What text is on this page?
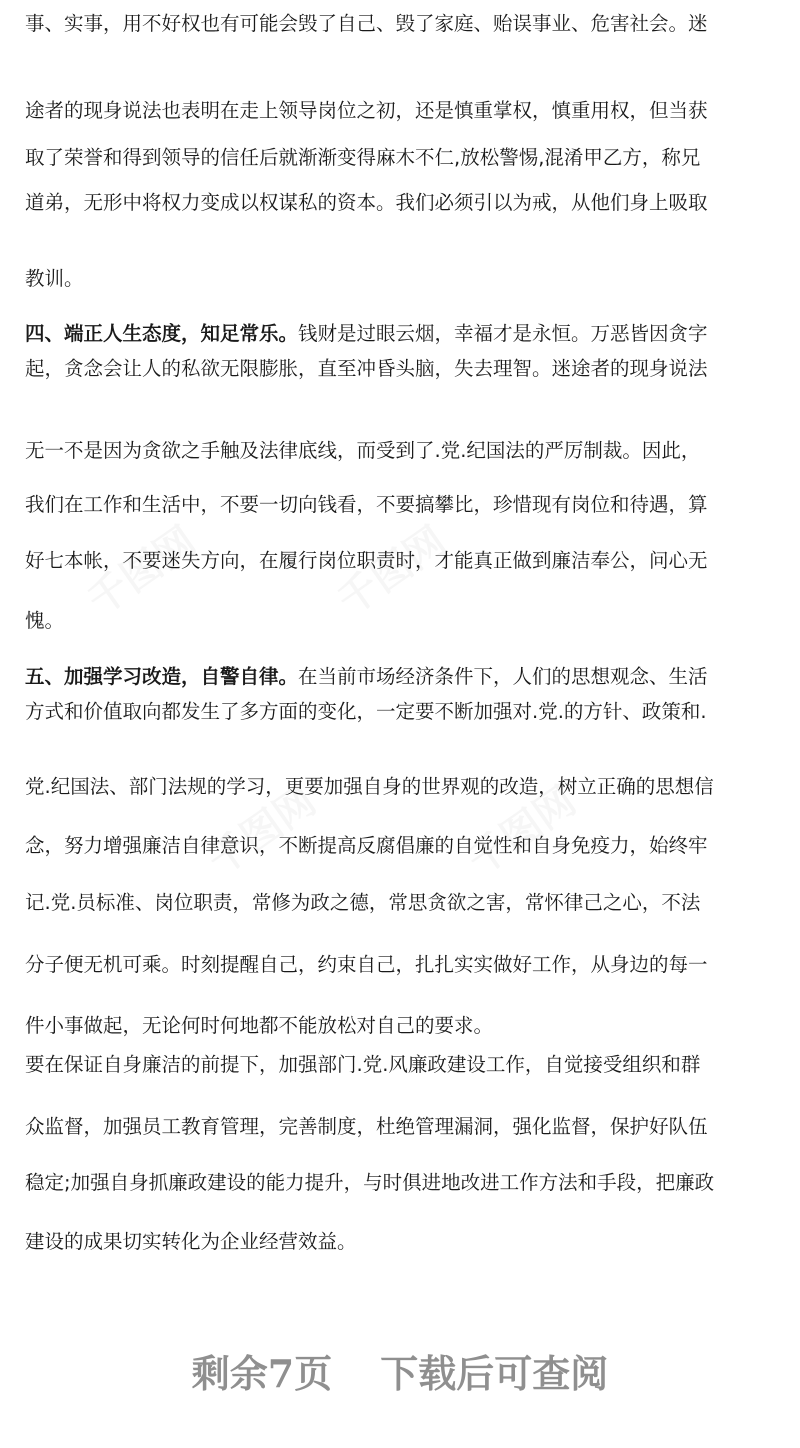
事、实事，用不好权也有可能会毁了自己、毁了家庭、贻误事业、危害社会。迷
途者的现身说法也表明在走上领导岗位之初，还是慎重掌权，慎重用权，但当获
取了荣誉和得到领导的信任后就渐渐变得麻木不仁,放松警惕,混淆甲乙方，称兄
道弟，无形中将权力变成以权谋私的资本。我们必须引以为戒，从他们身上吸取
教训。
四、端正人生态度，知足常乐。钱财是过眼云烟，幸福才是永恒。万恶皆因贪字
起，贪念会让人的私欲无限膨胀，直至冲昏头脑，失去理智。迷途者的现身说法
无一不是因为贪欲之手触及法律底线，而受到了.党.纪国法的严厉制裁。因此，
我们在工作和生活中，不要一切向钱看，不要搞攀比，珍惜现有岗位和待遇，算
好七本帐，不要迷失方向，在履行岗位职责时，才能真正做到廉洁奉公，问心无
愧。
五、加强学习改造，自警自律。在当前市场经济条件下，人们的思想观念、生活
方式和价值取向都发生了多方面的变化，一定要不断加强对.党.的方针、政策和.
党.纪国法、部门法规的学习，更要加强自身的世界观的改造，树立正确的思想信
念，努力增强廉洁自律意识，不断提高反腐倡廉的自觉性和自身免疫力，始终牢
记.党.员标准、岗位职责，常修为政之德，常思贪欲之害，常怀律己之心，不法
分子便无机可乘。时刻提醒自己，约束自己，扎扎实实做好工作，从身边的每一
件小事做起，无论何时何地都不能放松对自己的要求。
要在保证自身廉洁的前提下，加强部门.党.风廉政建设工作，自觉接受组织和群
众监督，加强员工教育管理，完善制度，杜绝管理漏洞，强化监督，保护好队伍
稳定;加强自身抓廉政建设的能力提升，与时俱进地改进工作方法和手段，把廉政
建设的成果切实转化为企业经营效益。
剩余7页 下载后可查阅
